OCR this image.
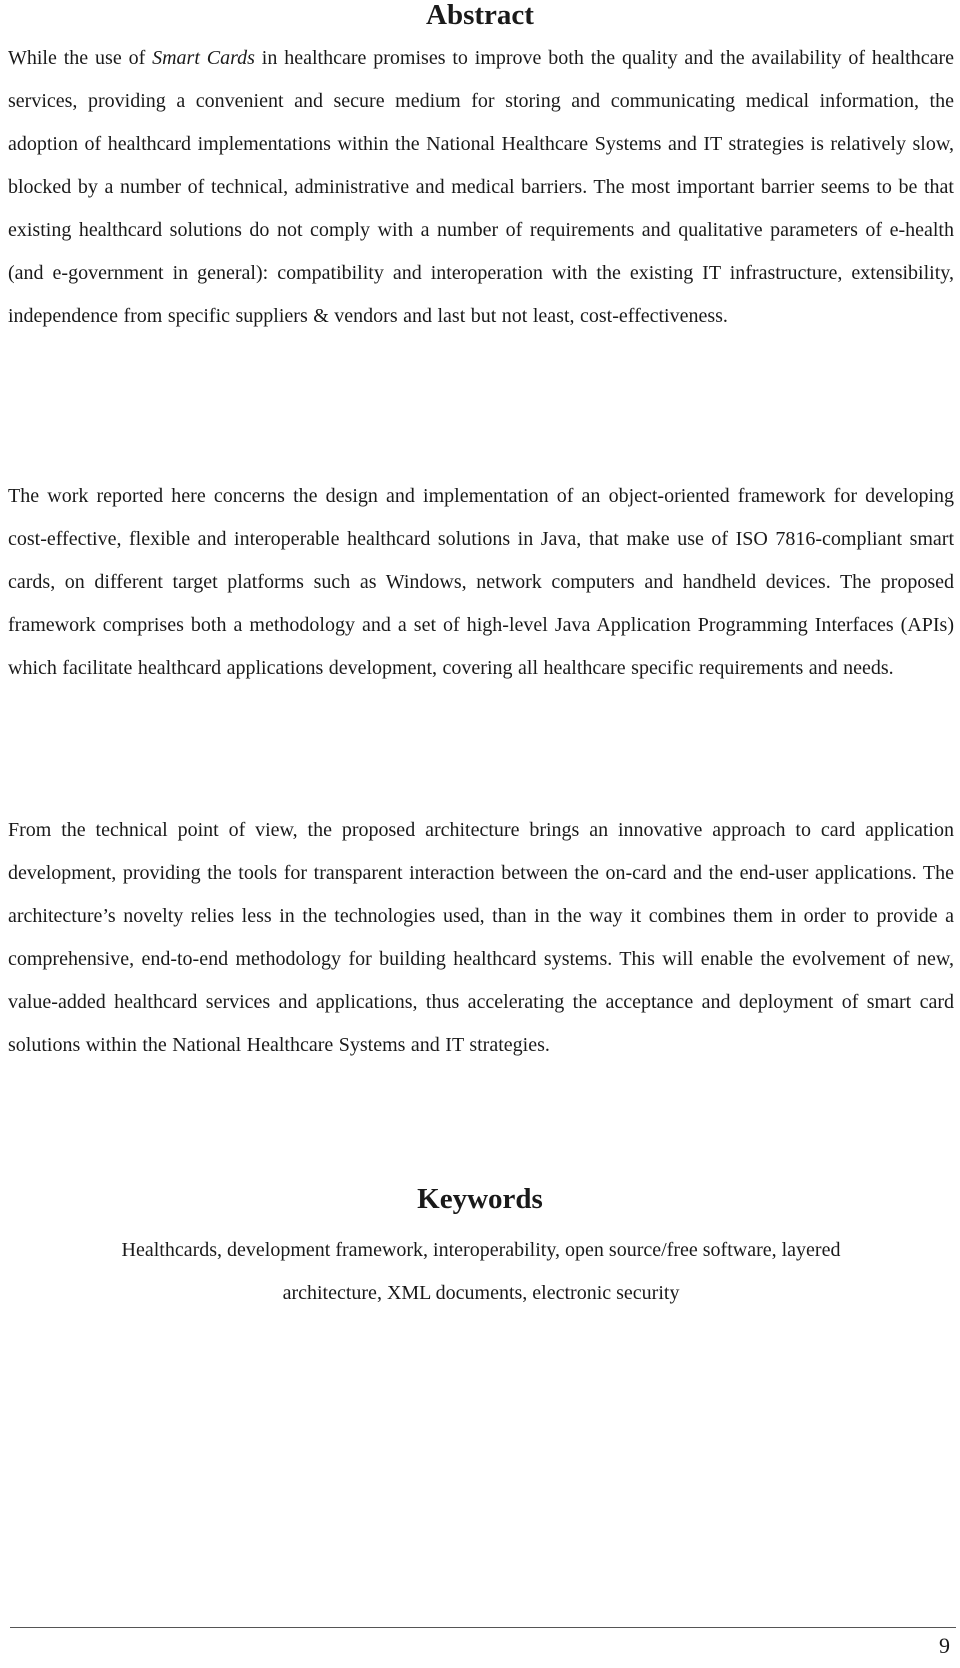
Abstract

While the use of Smart Cards in healthcare promises to improve both the quality and the availability of healthcare services, providing a convenient and secure medium for storing and communicating medical information, the adoption of healthcard implementations within the National Healthcare Systems and IT strategies is relatively slow, blocked by a number of technical, administrative and medical barriers. The most important barrier seems to be that existing healthcard solutions do not comply with a number of requirements and qualitative parameters of e-health (and e-government in general): compatibility and interoperation with the existing IT infrastructure, extensibility, independence from specific suppliers & vendors and last but not least, cost-effectiveness.

The work reported here concerns the design and implementation of an object-oriented framework for developing cost-effective, flexible and interoperable healthcard solutions in Java, that make use of ISO 7816-compliant smart cards, on different target platforms such as Windows, network computers and handheld devices. The proposed framework comprises both a methodology and a set of high-level Java Application Programming Interfaces (APIs) which facilitate healthcard applications development, covering all healthcare specific requirements and needs.

From the technical point of view, the proposed architecture brings an innovative approach to card application development, providing the tools for transparent interaction between the on-card and the end-user applications. The architecture’s novelty relies less in the technologies used, than in the way it combines them in order to provide a comprehensive, end-to-end methodology for building healthcard systems. This will enable the evolvement of new, value-added healthcard services and applications, thus accelerating the acceptance and deployment of smart card solutions within the National Healthcare Systems and IT strategies.

Keywords

Healthcards, development framework, interoperability, open source/free software, layered
architecture, XML documents, electronic security

9
